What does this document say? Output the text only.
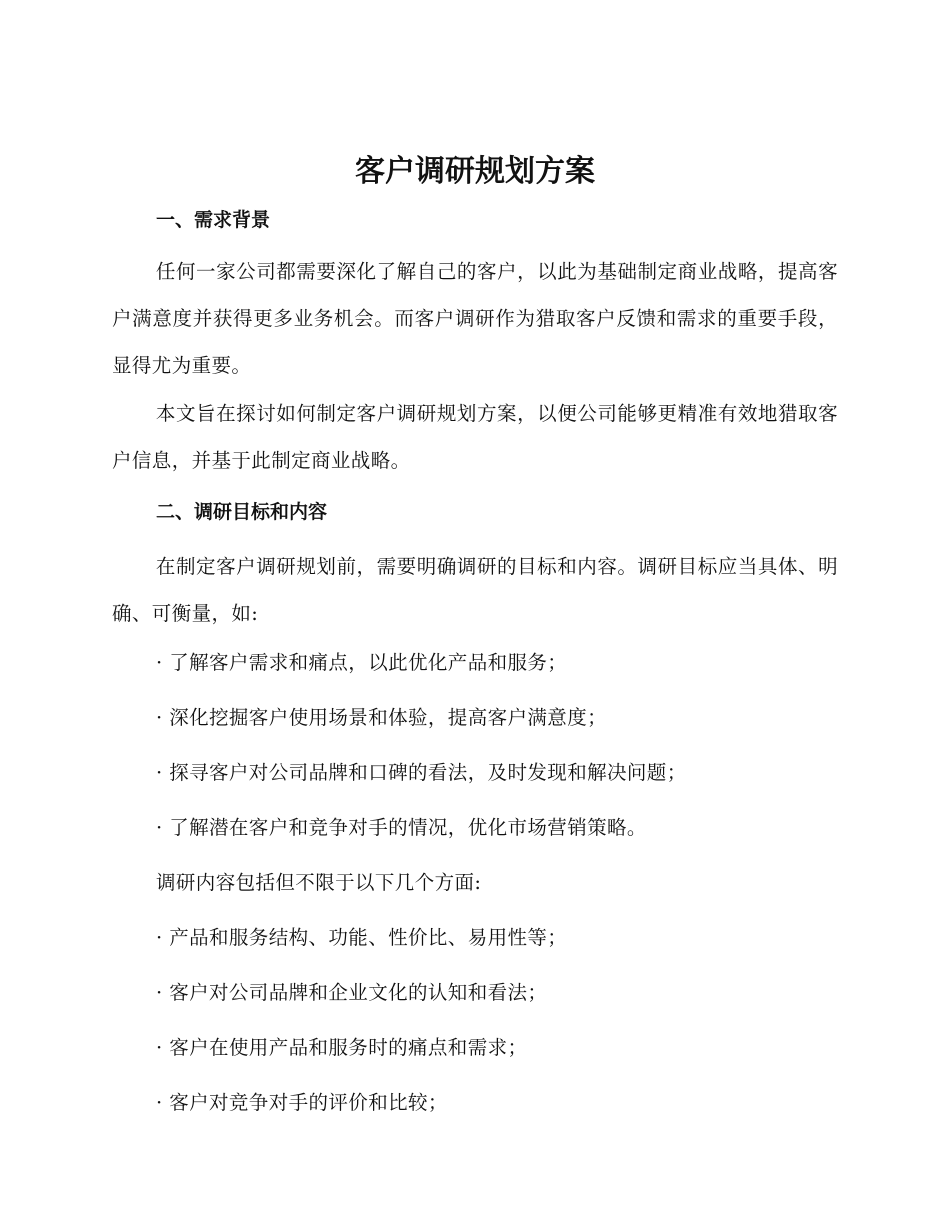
客户调研规划方案
一、需求背景

任何一家公司都需要深化了解自己的客户，以此为基础制定商业战略，提高客户满意度并获得更多业务机会。而客户调研作为猎取客户反馈和需求的重要手段，显得尤为重要。

本文旨在探讨如何制定客户调研规划方案，以便公司能够更精准有效地猎取客户信息，并基于此制定商业战略。

二、调研目标和内容

在制定客户调研规划前，需要明确调研的目标和内容。调研目标应当具体、明确、可衡量，如:

· 了解客户需求和痛点，以此优化产品和服务；

· 深化挖掘客户使用场景和体验，提高客户满意度；

· 探寻客户对公司品牌和口碑的看法，及时发现和解决问题；

· 了解潜在客户和竞争对手的情况，优化市场营销策略。

调研内容包括但不限于以下几个方面:

· 产品和服务结构、功能、性价比、易用性等；

· 客户对公司品牌和企业文化的认知和看法；

· 客户在使用产品和服务时的痛点和需求；

· 客户对竞争对手的评价和比较；
